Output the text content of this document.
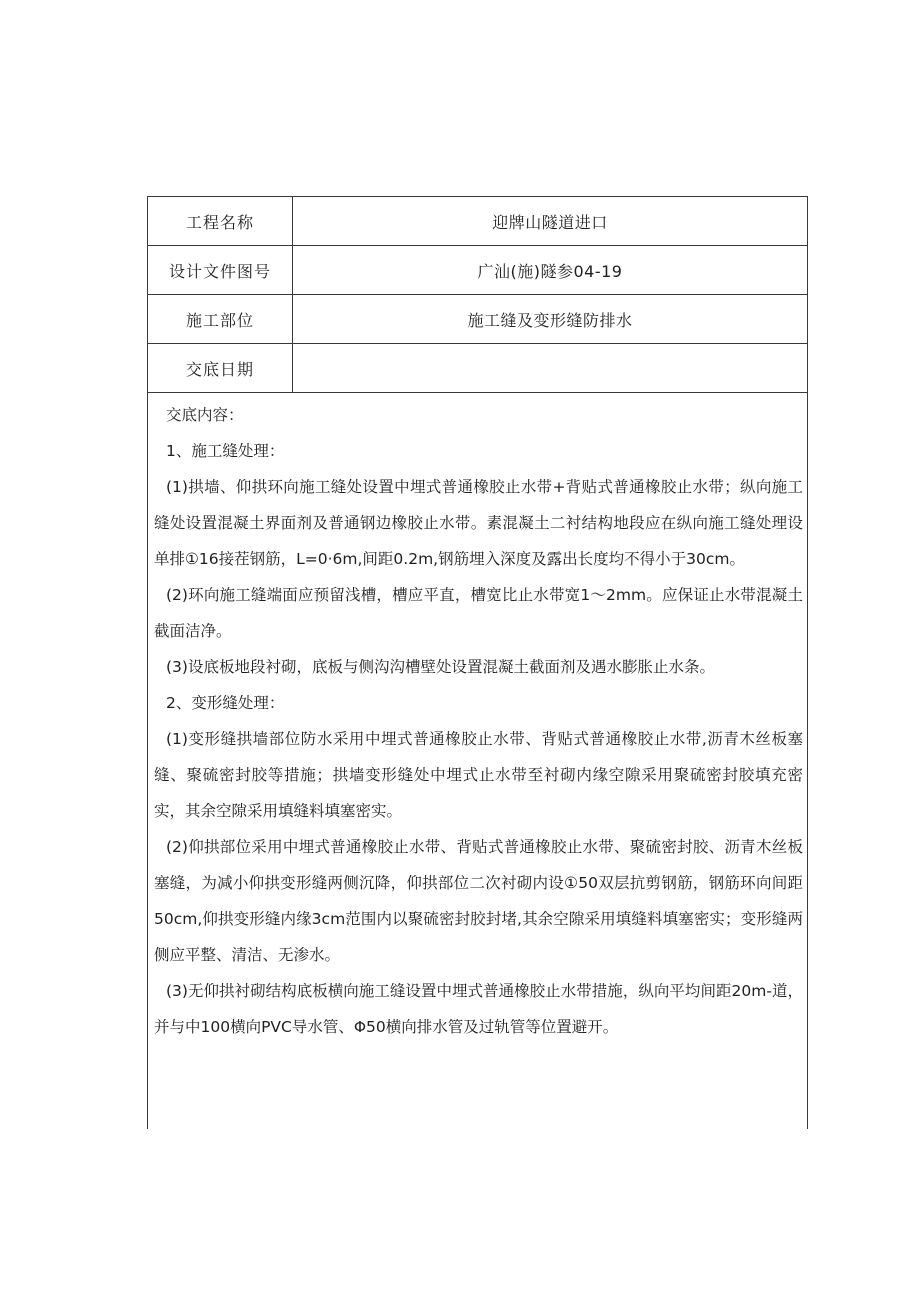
工程名称	迎牌山隧道进口
设计文件图号	广汕(施)隧参04-19
施工部位	施工缝及变形缝防排水
交底日期

交底内容：

1、施工缝处理：

(1)拱墙、仰拱环向施工缝处设置中埋式普通橡胶止水带+背贴式普通橡胶止水带；纵向施工缝处设置混凝土界面剂及普通钢边橡胶止水带。素混凝土二衬结构地段应在纵向施工缝处理设单排①16接茬钢筋，L=0·6m,间距0.2m,钢筋埋入深度及露出长度均不得小于30cm。

(2)环向施工缝端面应预留浅槽，槽应平直，槽宽比止水带宽1〜2mm。应保证止水带混凝土截面洁净。

(3)设底板地段衬砌，底板与侧沟沟槽壁处设置混凝土截面剂及遇水膨胀止水条。

2、变形缝处理：

(1)变形缝拱墙部位防水采用中埋式普通橡胶止水带、背贴式普通橡胶止水带,沥青木丝板塞缝、聚硫密封胶等措施；拱墙变形缝处中埋式止水带至衬砌内缘空隙采用聚硫密封胶填充密实，其余空隙采用填缝料填塞密实。

(2)仰拱部位采用中埋式普通橡胶止水带、背贴式普通橡胶止水带、聚硫密封胶、沥青木丝板塞缝，为减小仰拱变形缝两侧沉降，仰拱部位二次衬砌内设①50双层抗剪钢筋，钢筋环向间距50cm,仰拱变形缝内缘3cm范围内以聚硫密封胶封堵,其余空隙采用填缝料填塞密实；变形缝两侧应平整、清洁、无渗水。

(3)无仰拱衬砌结构底板横向施工缝设置中埋式普通橡胶止水带措施，纵向平均间距20m-道，并与中100横向PVC导水管、Φ50横向排水管及过轨管等位置避开。
